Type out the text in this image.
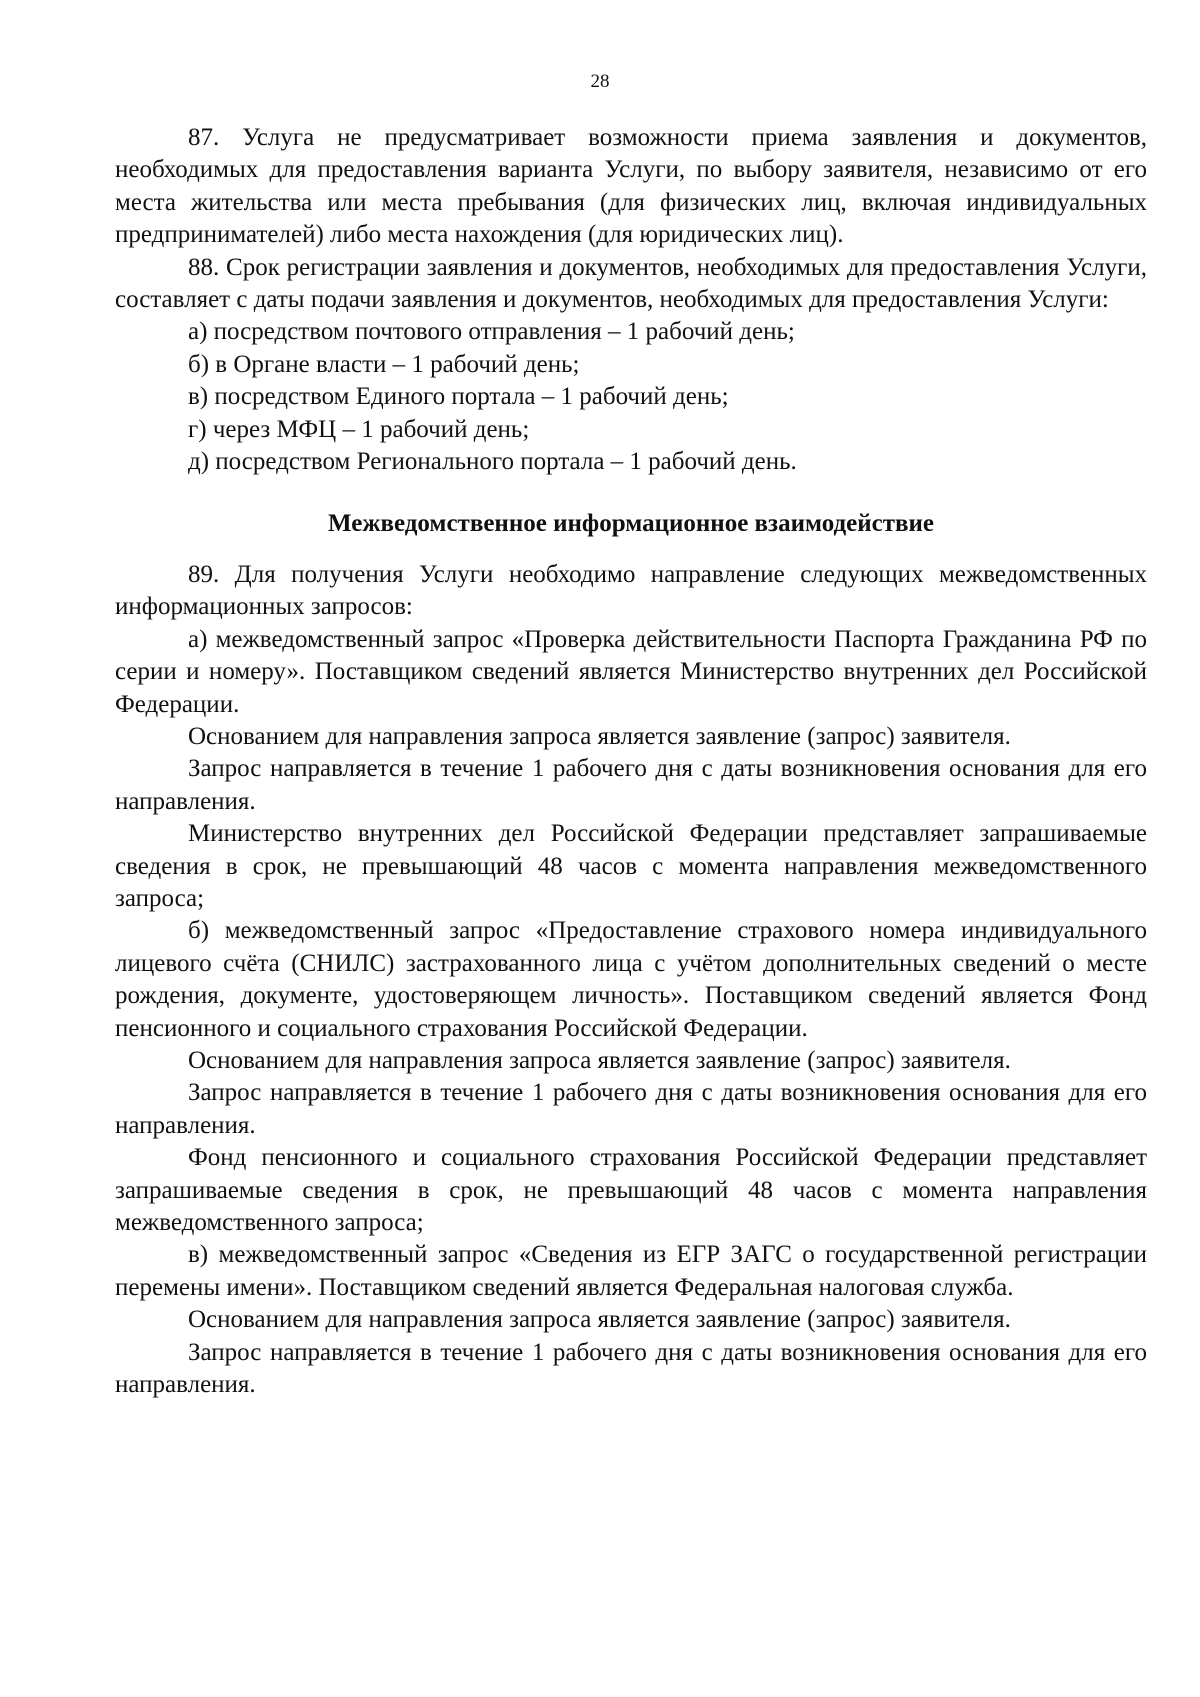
28

87. Услуга не предусматривает возможности приема заявления и документов, необходимых для предоставления варианта Услуги, по выбору заявителя, независимо от его места жительства или места пребывания (для физических лиц, включая индивидуальных предпринимателей) либо места нахождения (для юридических лиц).

88. Срок регистрации заявления и документов, необходимых для предоставления Услуги, составляет с даты подачи заявления и документов, необходимых для предоставления Услуги:

а) посредством почтового отправления – 1 рабочий день;

б) в Органе власти – 1 рабочий день;

в) посредством Единого портала – 1 рабочий день;

г) через МФЦ – 1 рабочий день;

д) посредством Регионального портала – 1 рабочий день.

Межведомственное информационное взаимодействие

89. Для получения Услуги необходимо направление следующих межведомственных информационных запросов:

а) межведомственный запрос «Проверка действительности Паспорта Гражданина РФ по серии и номеру». Поставщиком сведений является Министерство внутренних дел Российской Федерации.

Основанием для направления запроса является заявление (запрос) заявителя.

Запрос направляется в течение 1 рабочего дня с даты возникновения основания для его направления.

Министерство внутренних дел Российской Федерации представляет запрашиваемые сведения в срок, не превышающий 48 часов с момента направления межведомственного запроса;

б) межведомственный запрос «Предоставление страхового номера индивидуального лицевого счёта (СНИЛС) застрахованного лица с учётом дополнительных сведений о месте рождения, документе, удостоверяющем личность». Поставщиком сведений является Фонд пенсионного и социального страхования Российской Федерации.

Основанием для направления запроса является заявление (запрос) заявителя.

Запрос направляется в течение 1 рабочего дня с даты возникновения основания для его направления.

Фонд пенсионного и социального страхования Российской Федерации представляет запрашиваемые сведения в срок, не превышающий 48 часов с момента направления межведомственного запроса;

в) межведомственный запрос «Сведения из ЕГР ЗАГС о государственной регистрации перемены имени». Поставщиком сведений является Федеральная налоговая служба.

Основанием для направления запроса является заявление (запрос) заявителя.

Запрос направляется в течение 1 рабочего дня с даты возникновения основания для его направления.
